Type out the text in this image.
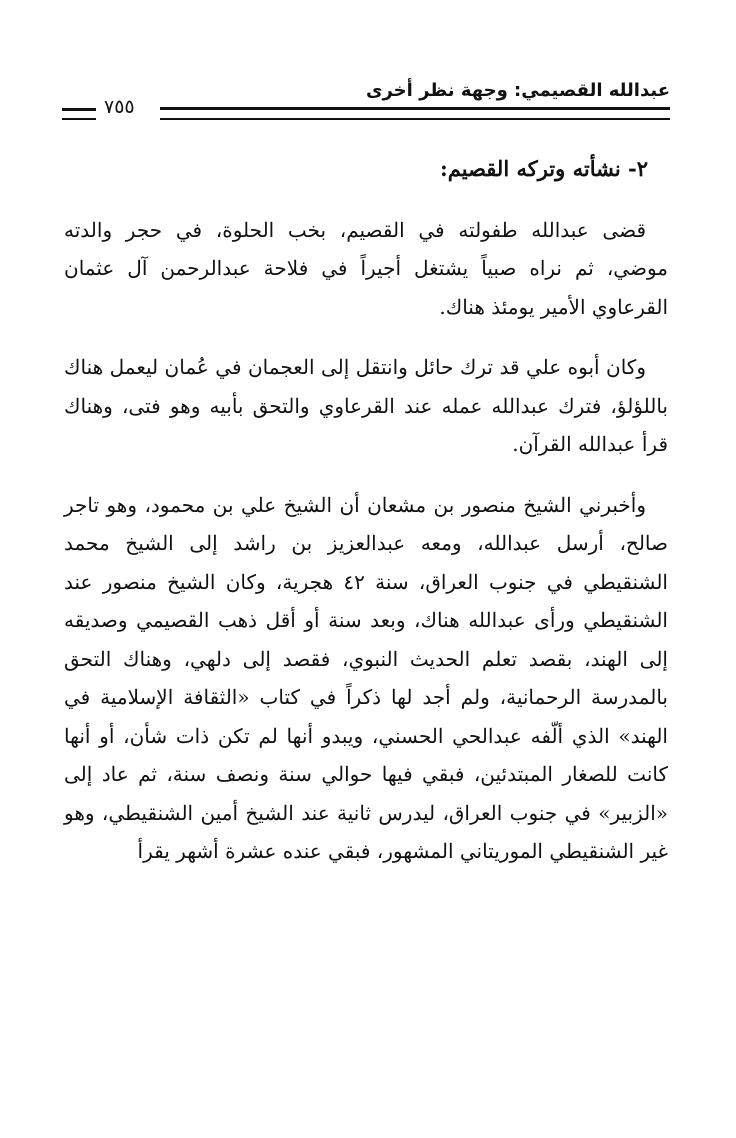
عبدالله القصيمي: وجهة نظر أخرى
٧٥٥
٢- نشأته وتركه القصيم:

قضى عبدالله طفولته في القصيم، بخب الحلوة، في حجر والدته موضي، ثم نراه صبياً يشتغل أجيراً في فلاحة عبدالرحمن آل عثمان القرعاوي الأمير يومئذ هناك.

وكان أبوه علي قد ترك حائل وانتقل إلى العجمان في عُمان ليعمل هناك باللؤلؤ، فترك عبدالله عمله عند القرعاوي والتحق بأبيه وهو فتى، وهناك قرأ عبدالله القرآن.

وأخبرني الشيخ منصور بن مشعان أن الشيخ علي بن محمود، وهو تاجر صالح، أرسل عبدالله، ومعه عبدالعزيز بن راشد إلى الشيخ محمد الشنقيطي في جنوب العراق، سنة ٤٢ هجرية، وكان الشيخ منصور عند الشنقيطي ورأى عبدالله هناك، وبعد سنة أو أقل ذهب القصيمي وصديقه إلى الهند، بقصد تعلم الحديث النبوي، فقصد إلى دلهي، وهناك التحق بالمدرسة الرحمانية، ولم أجد لها ذكراً في كتاب «الثقافة الإسلامية في الهند» الذي ألّفه عبدالحي الحسني، ويبدو أنها لم تكن ذات شأن، أو أنها كانت للصغار المبتدئين، فبقي فيها حوالي سنة ونصف سنة، ثم عاد إلى «الزبير» في جنوب العراق، ليدرس ثانية عند الشيخ أمين الشنقيطي، وهو غير الشنقيطي الموريتاني المشهور، فبقي عنده عشرة أشهر يقرأ
